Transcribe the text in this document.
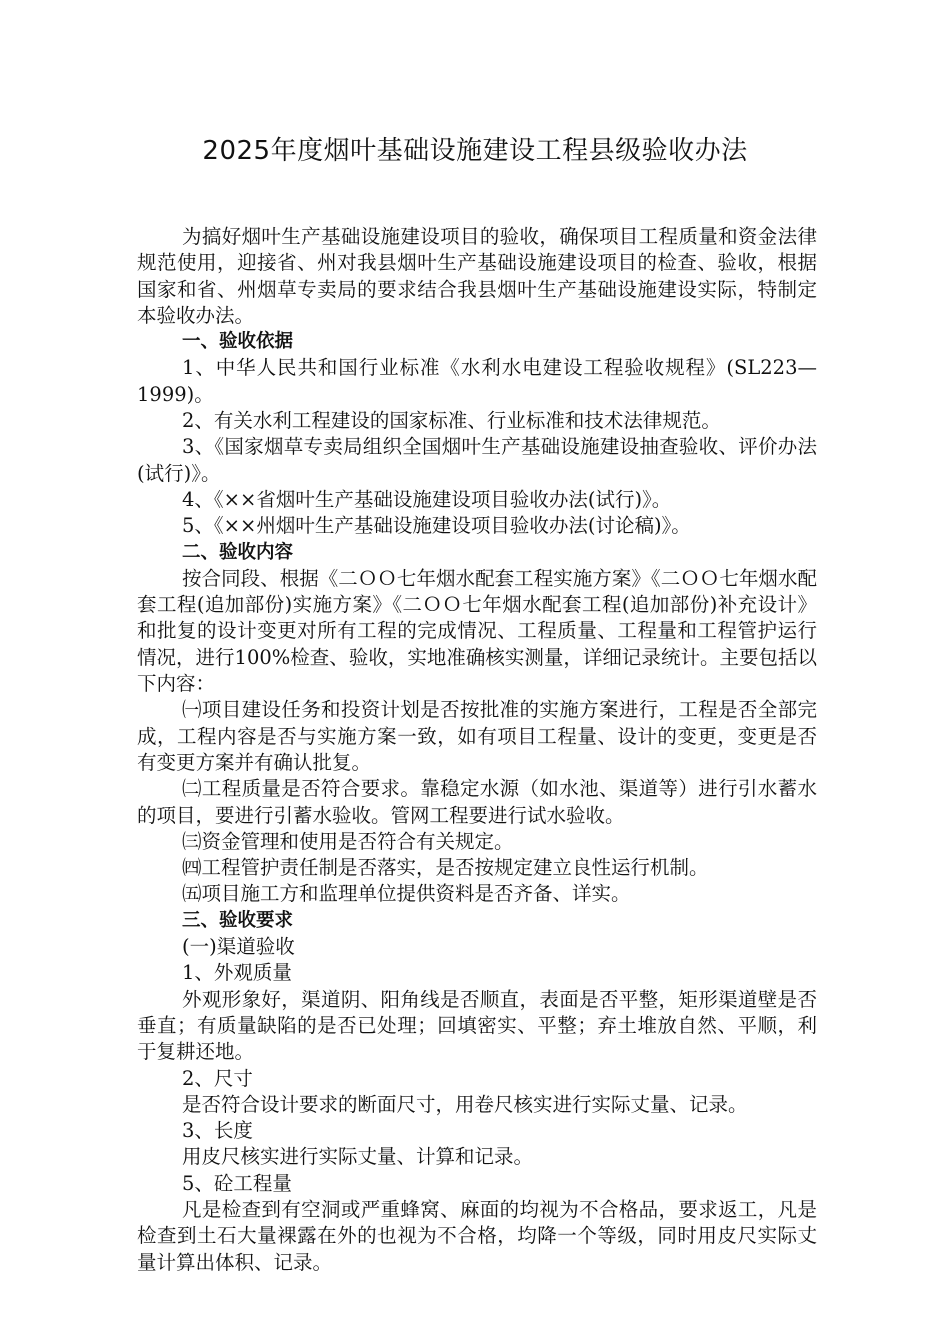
2025年度烟叶基础设施建设工程县级验收办法

为搞好烟叶生产基础设施建设项目的验收，确保项目工程质量和资金法律规范使用，迎接省、州对我县烟叶生产基础设施建设项目的检查、验收，根据国家和省、州烟草专卖局的要求结合我县烟叶生产基础设施建设实际，特制定本验收办法。

一、验收依据

1、中华人民共和国行业标准《水利水电建设工程验收规程》(SL223—1999)。

2、有关水利工程建设的国家标准、行业标准和技术法律规范。

3、《国家烟草专卖局组织全国烟叶生产基础设施建设抽查验收、评价办法(试行)》。

4、《××省烟叶生产基础设施建设项目验收办法(试行)》。

5、《××州烟叶生产基础设施建设项目验收办法(讨论稿)》。

二、验收内容

按合同段、根据《二ＯＯ七年烟水配套工程实施方案》《二ＯＯ七年烟水配套工程(追加部份)实施方案》《二ＯＯ七年烟水配套工程(追加部份)补充设计》和批复的设计变更对所有工程的完成情况、工程质量、工程量和工程管护运行情况，进行100%检查、验收，实地准确核实测量，详细记录统计。主要包括以下内容：

㈠项目建设任务和投资计划是否按批准的实施方案进行，工程是否全部完成，工程内容是否与实施方案一致，如有项目工程量、设计的变更，变更是否有变更方案并有确认批复。

㈡工程质量是否符合要求。靠稳定水源（如水池、渠道等）进行引水蓄水的项目，要进行引蓄水验收。管网工程要进行试水验收。

㈢资金管理和使用是否符合有关规定。

㈣工程管护责任制是否落实，是否按规定建立良性运行机制。

㈤项目施工方和监理单位提供资料是否齐备、详实。

三、验收要求

(一)渠道验收

1、外观质量

外观形象好，渠道阴、阳角线是否顺直，表面是否平整，矩形渠道壁是否垂直；有质量缺陷的是否已处理；回填密实、平整；弃土堆放自然、平顺，利于复耕还地。

2、尺寸

是否符合设计要求的断面尺寸，用卷尺核实进行实际丈量、记录。

3、长度

用皮尺核实进行实际丈量、计算和记录。

5、砼工程量

凡是检查到有空洞或严重蜂窝、麻面的均视为不合格品，要求返工，凡是检查到土石大量裸露在外的也视为不合格，均降一个等级，同时用皮尺实际丈量计算出体积、记录。
